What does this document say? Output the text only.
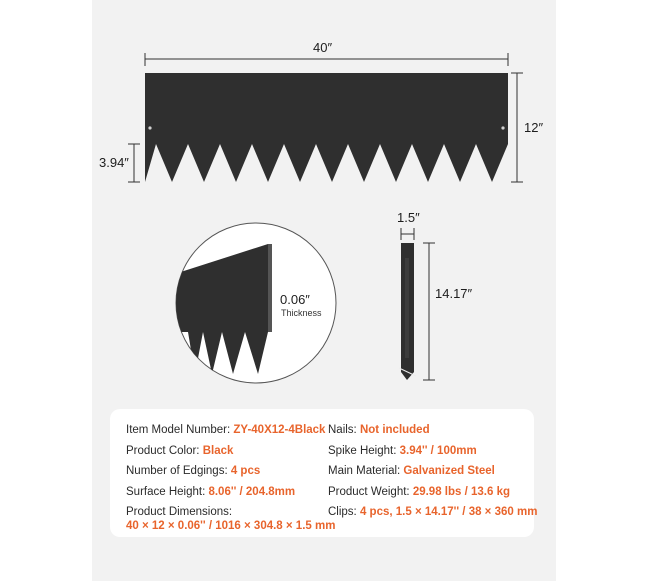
40″
12″
3.94″
0.06″
Thickness
1.5″
14.17″
Item Model Number: ZY-40X12-4Black
Product Color: Black
Number of Edgings: 4 pcs
Surface Height: 8.06'' / 204.8mm
Product Dimensions:
40 × 12 × 0.06'' / 1016 × 304.8 × 1.5 mm
Nails: Not included
Spike Height: 3.94'' / 100mm
Main Material: Galvanized Steel
Product Weight: 29.98 lbs / 13.6 kg
Clips: 4 pcs, 1.5 × 14.17'' / 38 × 360 mm
